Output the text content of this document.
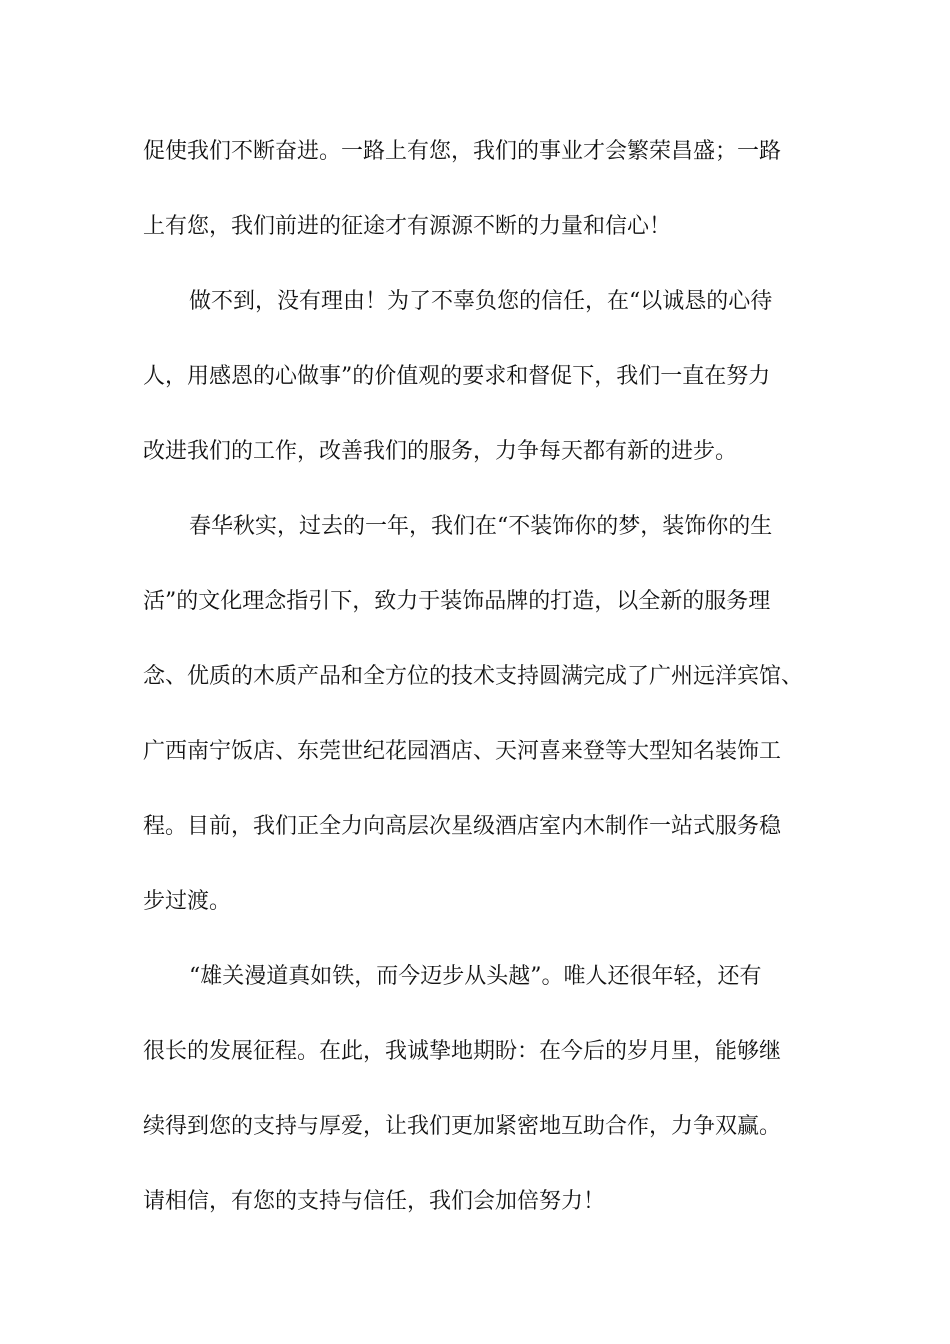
促使我们不断奋进。一路上有您，我们的事业才会繁荣昌盛；一路
上有您，我们前进的征途才有源源不断的力量和信心！
做不到，没有理由！为了不辜负您的信任，在“以诚恳的心待
人，用感恩的心做事”的价值观的要求和督促下，我们一直在努力
改进我们的工作，改善我们的服务，力争每天都有新的进步。
春华秋实，过去的一年，我们在“不装饰你的梦，装饰你的生
活”的文化理念指引下，致力于装饰品牌的打造，以全新的服务理
念、优质的木质产品和全方位的技术支持圆满完成了广州远洋宾馆、
广西南宁饭店、东莞世纪花园酒店、天河喜来登等大型知名装饰工
程。目前，我们正全力向高层次星级酒店室内木制作一站式服务稳
步过渡。
“雄关漫道真如铁，而今迈步从头越”。唯人还很年轻，还有
很长的发展征程。在此，我诚挚地期盼：在今后的岁月里，能够继
续得到您的支持与厚爱，让我们更加紧密地互助合作，力争双赢。
请相信，有您的支持与信任，我们会加倍努力！
